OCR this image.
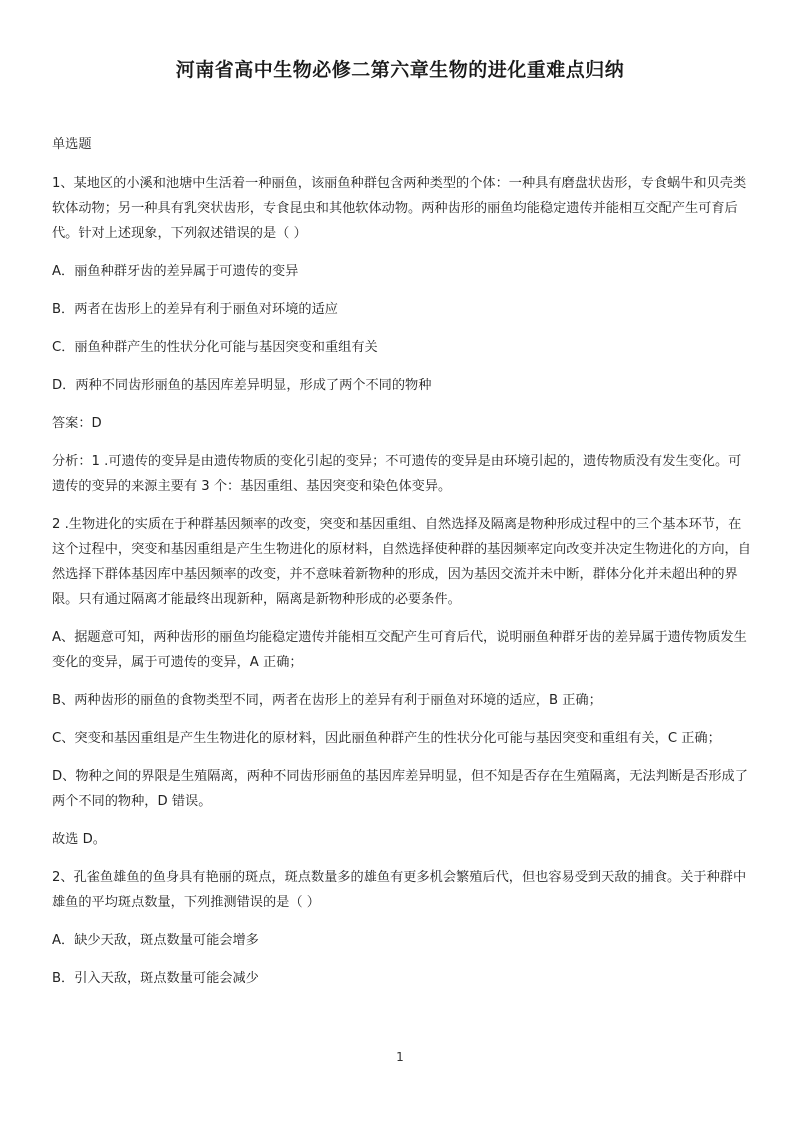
河南省高中生物必修二第六章生物的进化重难点归纳
单选题
1、某地区的小溪和池塘中生活着一种丽鱼，该丽鱼种群包含两种类型的个体：一种具有磨盘状齿形，专食蜗牛和贝壳类软体动物；另一种具有乳突状齿形，专食昆虫和其他软体动物。两种齿形的丽鱼均能稳定遗传并能相互交配产生可育后代。针对上述现象，下列叙述错误的是（ ）
A．丽鱼种群牙齿的差异属于可遗传的变异
B．两者在齿形上的差异有利于丽鱼对环境的适应
C．丽鱼种群产生的性状分化可能与基因突变和重组有关
D．两种不同齿形丽鱼的基因库差异明显，形成了两个不同的物种
答案：D
分析：1 .可遗传的变异是由遗传物质的变化引起的变异；不可遗传的变异是由环境引起的，遗传物质没有发生变化。可遗传的变异的来源主要有 3 个：基因重组、基因突变和染色体变异。
2 .生物进化的实质在于种群基因频率的改变，突变和基因重组、自然选择及隔离是物种形成过程中的三个基本环节，在这个过程中，突变和基因重组是产生生物进化的原材料，自然选择使种群的基因频率定向改变并决定生物进化的方向，自然选择下群体基因库中基因频率的改变，并不意味着新物种的形成，因为基因交流并未中断，群体分化并未超出种的界限。只有通过隔离才能最终出现新种，隔离是新物种形成的必要条件。
A、据题意可知，两种齿形的丽鱼均能稳定遗传并能相互交配产生可育后代，说明丽鱼种群牙齿的差异属于遗传物质发生变化的变异，属于可遗传的变异，A 正确；
B、两种齿形的丽鱼的食物类型不同，两者在齿形上的差异有利于丽鱼对环境的适应，B 正确；
C、突变和基因重组是产生生物进化的原材料，因此丽鱼种群产生的性状分化可能与基因突变和重组有关，C 正确；
D、物种之间的界限是生殖隔离，两种不同齿形丽鱼的基因库差异明显，但不知是否存在生殖隔离，无法判断是否形成了两个不同的物种，D 错误。
故选 D。
2、孔雀鱼雄鱼的鱼身具有艳丽的斑点，斑点数量多的雄鱼有更多机会繁殖后代，但也容易受到天敌的捕食。关于种群中雄鱼的平均斑点数量，下列推测错误的是（ ）
A．缺少天敌，斑点数量可能会增多
B．引入天敌，斑点数量可能会减少
1
